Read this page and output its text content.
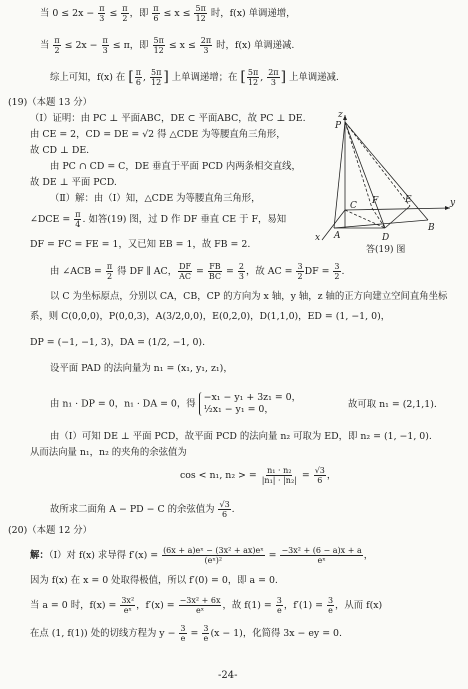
当 $0 \le 2x - \frac{\pi}{3} \le \frac{\pi}{2}$ ，即 $\frac{\pi}{6} \le x \le \frac{5\pi}{12}$ 时，f(x) 单调递增，
当 $\frac{\pi}{2} \le 2x - \frac{\pi}{3} \le \pi$，即 $\frac{5\pi}{12} \le x \le \frac{2\pi}{3}$ 时，f(x) 单调递减.
综上可知，f(x) 在 [ $\frac{\pi}{6}$ , $\frac{5\pi}{12}$ ] 上单调递增；在 [ $\frac{5\pi}{12}$ , $\frac{2\pi}{3}$ ] 上单调递减.
(19)（本题 13 分）
（Ⅰ）证明：由 PC ⊥ 平面ABC，DE ⊂ 平面ABC，故 PC ⊥ DE.
由 CE = 2，CD = DE = √2 得 △CDE 为等腰直角三角形，
故 CD ⊥ DE.
由 PC ∩ CD = C，DE 垂直于平面 PCD 内两条相交直线，
故 DE ⊥ 平面 PCD.
（Ⅱ）解：由（Ⅰ）知，△CDE 为等腰直角三角形，
∠DCE = $\frac{\pi}{4}$ . 如答(19) 图，过 D 作 DF 垂直 CE 于 F，易知
DF = FC = FE = 1，又已知 EB = 1，故 FB = 2.
由 ∠ACB = $\frac{\pi}{2}$ 得 DF ∥ AC， $\frac{DF}{AC} = \frac{FB}{BC} = \frac{2}{3}$ ，故 AC = $\frac{3}{2}$ DF = $\frac{3}{2}$ .
以 C 为坐标原点，分别以 CA，CB，CP 的方向为 x 轴，y 轴，z 轴的正方向建立空间直角坐标
系，则 C(0,0,0)，P(0,0,3)，A(3/2,0,0)，E(0,2,0)，D(1,1,0)，ED = (1, −1, 0)，
DP = (−1, −1, 3)，DA = (1/2, −1, 0).
设平面 PAD 的法向量为 n₁ = (x₁, y₁, z₁)，
由 n₁ · DP = 0，n₁ · DA = 0，得 −x₁ − y₁ + 3z₁ = 0，
½x₁ − y₁ = 0，	故可取 n₁ = (2,1,1).
由（Ⅰ）可知 DE ⊥ 平面 PCD，故平面 PCD 的法向量 n₂ 可取为 ED，即 n₂ = (1, −1, 0).
从而法向量 n₁，n₂ 的夹角的余弦值为
cos < n₁, n₂ > = $\frac{\text{n₁ · n₂}}{\text{|n₁| · |n₂|}} = \frac{√3}{6}$ ，
故所求二面角 A − PD − C 的余弦值为 $\frac{√3}{6}$ .
(20)（本题 12 分）
解：（Ⅰ）对 f(x) 求导得 $f'(x) = \frac{\text{(6x + a)eˣ − (3x² + ax)eˣ}}{\text{(eˣ)²}} = \frac{\text{−3x² + (6 − a)x + a}}{\text{eˣ}}$ ，
因为 f(x) 在 x = 0 处取得极值，所以 f′(0) = 0，即 a = 0.
当 a = 0 时，$f(x) = \frac{\text{3x²}}{\text{eˣ}}$ ，$f'(x) = \frac{\text{−3x² + 6x}}{\text{eˣ}}$ ，故 $f(1) = \frac{3}{e}$ ，$f'(1) = \frac{3}{e}$ ，从而 f(x)
在点 (1, f(1)) 处的切线方程为 $y - \frac{3}{e} = \frac{3}{e} (x - 1)$，化简得 3x − ey = 0.
z
P
C F	E	y
x A	D
B
答(19) 图
-24-
